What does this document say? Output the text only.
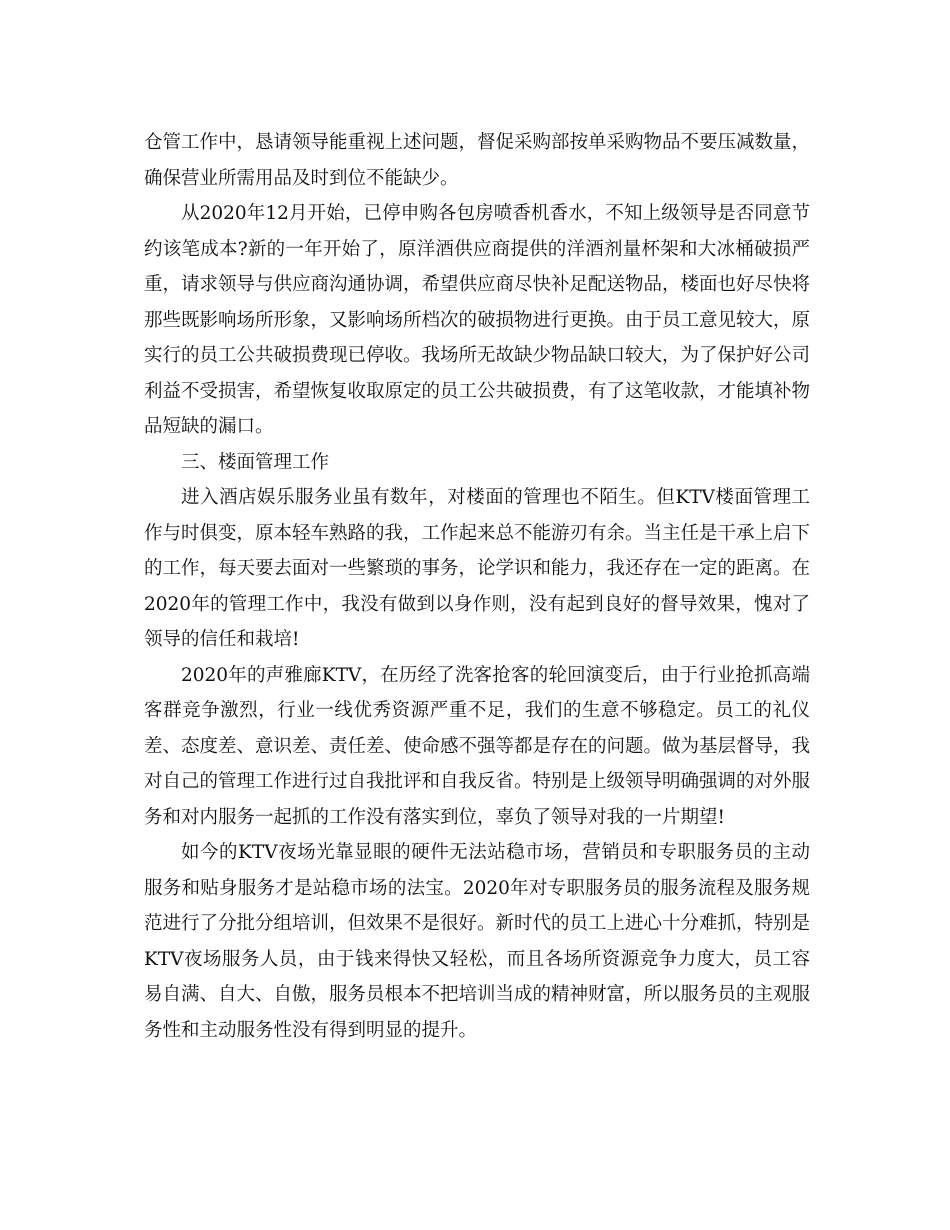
仓管工作中，恳请领导能重视上述问题，督促采购部按单采购物品不要压减数量，确保营业所需用品及时到位不能缺少。

从2020年12月开始，已停申购各包房喷香机香水，不知上级领导是否同意节约该笔成本?新的一年开始了，原洋酒供应商提供的洋酒剂量杯架和大冰桶破损严重，请求领导与供应商沟通协调，希望供应商尽快补足配送物品，楼面也好尽快将那些既影响场所形象，又影响场所档次的破损物进行更换。由于员工意见较大，原实行的员工公共破损费现已停收。我场所无故缺少物品缺口较大，为了保护好公司利益不受损害，希望恢复收取原定的员工公共破损费，有了这笔收款，才能填补物品短缺的漏口。

三、楼面管理工作

进入酒店娱乐服务业虽有数年，对楼面的管理也不陌生。但KTV楼面管理工作与时俱变，原本轻车熟路的我，工作起来总不能游刃有余。当主任是干承上启下的工作，每天要去面对一些繁琐的事务，论学识和能力，我还存在一定的距离。在2020年的管理工作中，我没有做到以身作则，没有起到良好的督导效果，愧对了领导的信任和栽培!

2020年的声雅廊KTV，在历经了洗客抢客的轮回演变后，由于行业抢抓高端客群竞争激烈，行业一线优秀资源严重不足，我们的生意不够稳定。员工的礼仪差、态度差、意识差、责任差、使命感不强等都是存在的问题。做为基层督导，我对自己的管理工作进行过自我批评和自我反省。特别是上级领导明确强调的对外服务和对内服务一起抓的工作没有落实到位，辜负了领导对我的一片期望!

如今的KTV夜场光靠显眼的硬件无法站稳市场，营销员和专职服务员的主动服务和贴身服务才是站稳市场的法宝。2020年对专职服务员的服务流程及服务规范进行了分批分组培训，但效果不是很好。新时代的员工上进心十分难抓，特别是KTV夜场服务人员，由于钱来得快又轻松，而且各场所资源竞争力度大，员工容易自满、自大、自傲，服务员根本不把培训当成的精神财富，所以服务员的主观服务性和主动服务性没有得到明显的提升。
